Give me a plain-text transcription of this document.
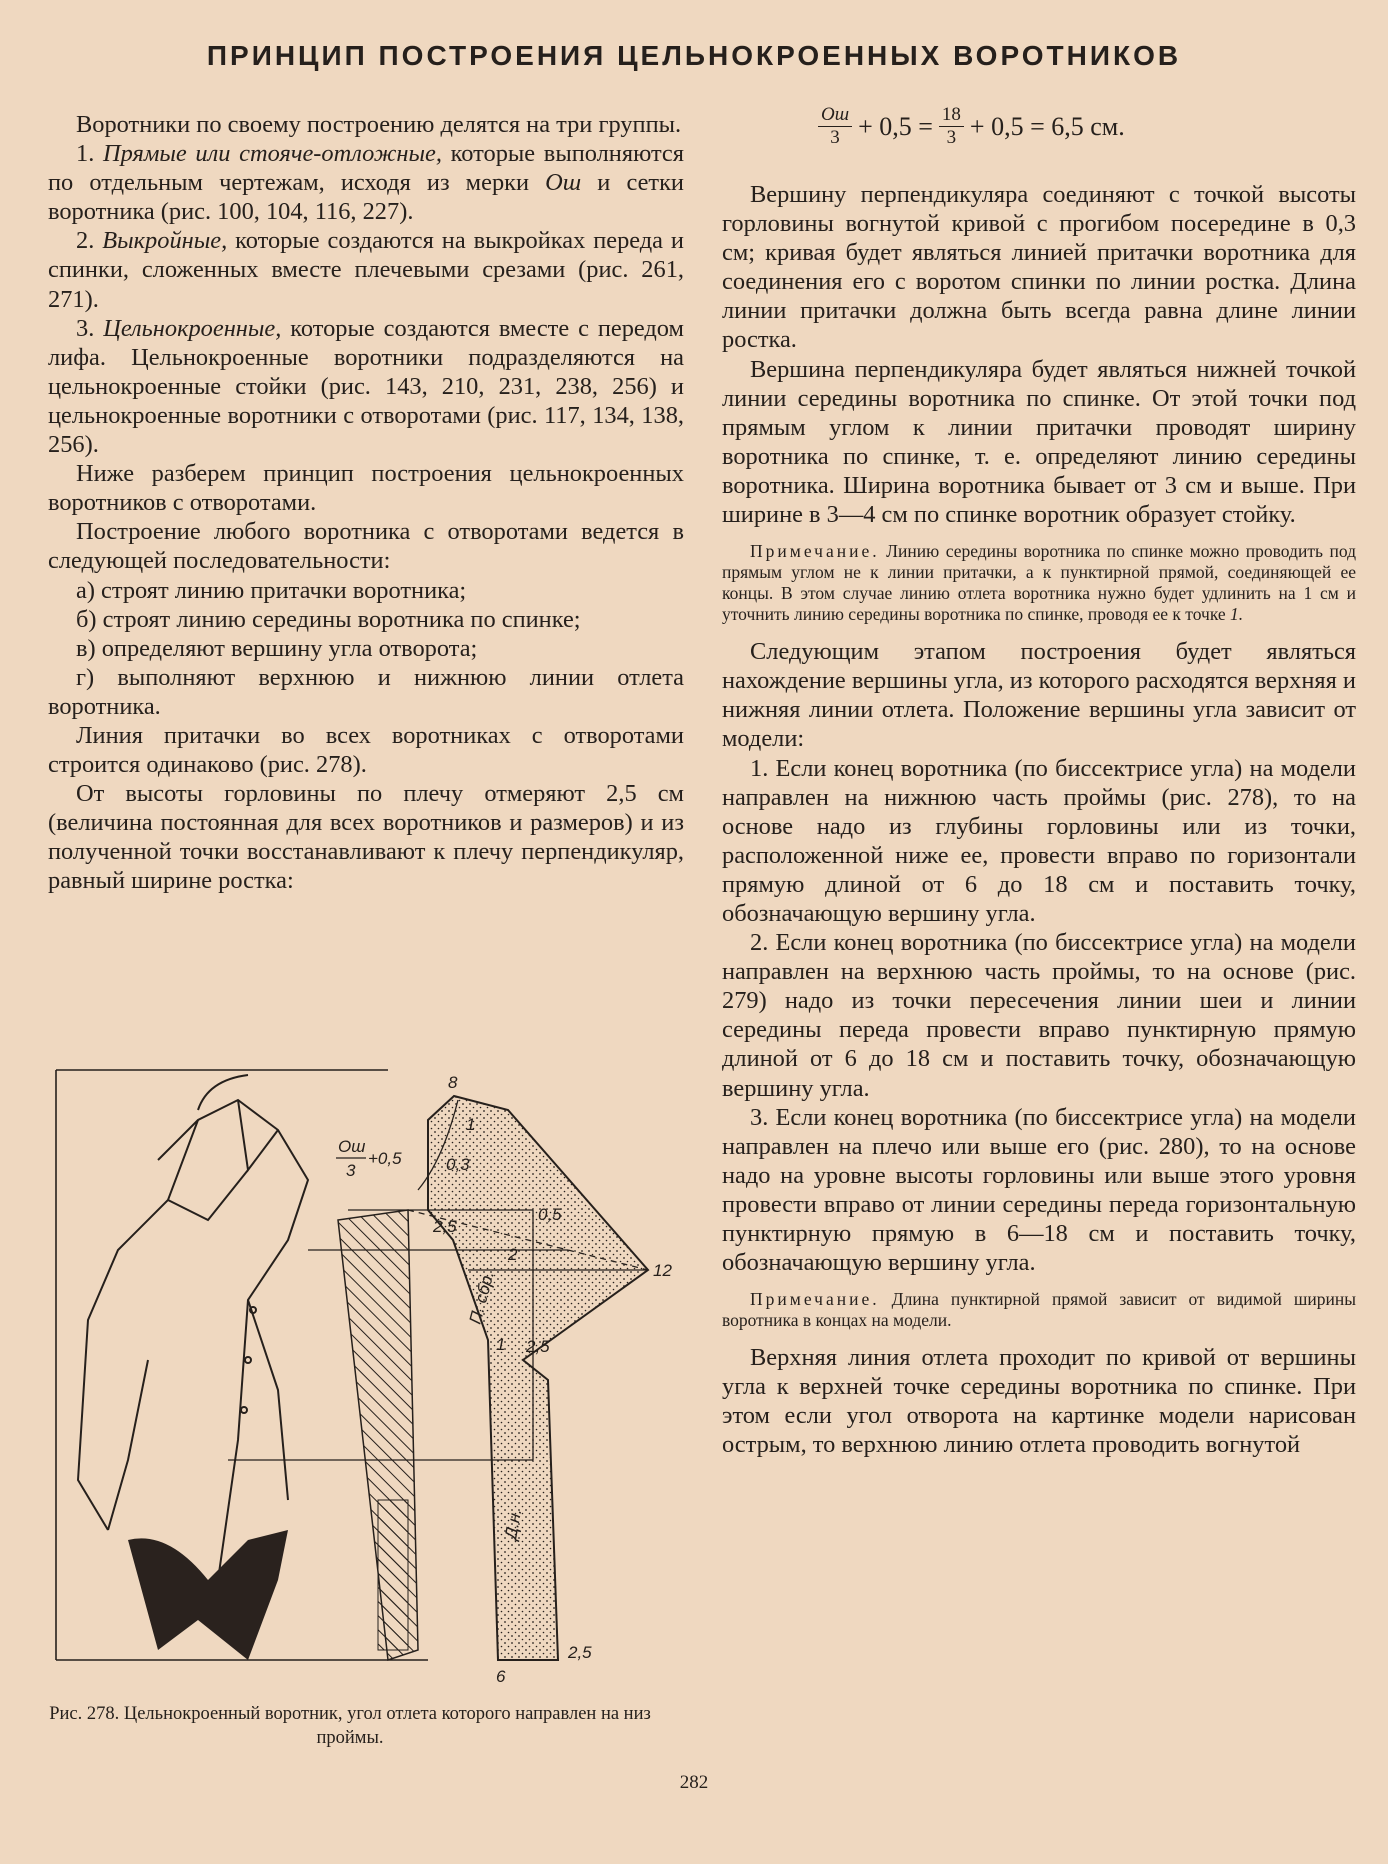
ПРИНЦИП ПОСТРОЕНИЯ ЦЕЛЬНОКРОЕННЫХ ВОРОТНИКОВ
$\frac{Ош}{3} + 0,5 = \frac{18}{3} + 0,5 = 6,5$ см.

Воротники по своему построению делятся на три группы.

1. Прямые или стояче-отложные, которые выполняются по отдельным чертежам, исходя из мерки Ош и сетки воротника (рис. 100, 104, 116, 227).

2. Выкройные, которые создаются на выкройках переда и спинки, сложенных вместе плечевыми срезами (рис. 261, 271).

3. Цельнокроенные, которые создаются вместе с передом лифа. Цельнокроенные воротники подразделяются на цельнокроенные стойки (рис. 143, 210, 231, 238, 256) и цельнокроенные воротники с отворотами (рис. 117, 134, 138, 256).

Ниже разберем принцип построения цельнокроенных воротников с отворотами.

Построение любого воротника с отворотами ведется в следующей последовательности:

а) строят линию притачки воротника;

б) строят линию середины воротника по спинке;

в) определяют вершину угла отворота;

г) выполняют верхнюю и нижнюю линии отлета воротника.

Линия притачки во всех воротниках с отворотами строится одинаково (рис. 278).

От высоты горловины по плечу отмеряют 2,5 см (величина постоянная для всех воротников и размеров) и из полученной точки восстанавливают к плечу перпендикуляр, равный ширине ростка:

Вершину перпендикуляра соединяют с точкой высоты горловины вогнутой кривой с прогибом посередине в 0,3 см; кривая будет являться линией притачки воротника для соединения его с воротом спинки по линии ростка. Длина линии притачки должна быть всегда равна длине линии ростка.

Вершина перпендикуляра будет являться нижней точкой линии середины воротника по спинке. От этой точки под прямым углом к линии притачки проводят ширину воротника по спинке, т. е. определяют линию середины воротника. Ширина воротника бывает от 3 см и выше. При ширине в 3—4 см по спинке воротник образует стойку.

Примечание. Линию середины воротника по спинке можно проводить под прямым углом не к линии притачки, а к пунктирной прямой, соединяющей ее концы. В этом случае линию отлета воротника нужно будет удлинить на 1 см и уточнить линию середины воротника по спинке, проводя ее к точке 1.

Следующим этапом построения будет являться нахождение вершины угла, из которого расходятся верхняя и нижняя линии отлета. Положение вершины угла зависит от модели:

1. Если конец воротника (по биссектрисе угла) на модели направлен на нижнюю часть проймы (рис. 278), то на основе надо из глубины горловины или из точки, расположенной ниже ее, провести вправо по горизонтали прямую длиной от 6 до 18 см и поставить точку, обозначающую вершину угла.

2. Если конец воротника (по биссектрисе угла) на модели направлен на верхнюю часть проймы, то на основе (рис. 279) надо из точки пересечения линии шеи и линии середины переда провести вправо пунктирную прямую длиной от 6 до 18 см и поставить точку, обозначающую вершину угла.

3. Если конец воротника (по биссектрисе угла) на модели направлен на плечо или выше его (рис. 280), то на основе надо на уровне высоты горловины или выше этого уровня провести вправо от линии середины переда горизонтальную пунктирную прямую в 6—18 см и поставить точку, обозначающую вершину угла.

Примечание. Длина пунктирной прямой зависит от видимой ширины воротника в концах на модели.

Верхняя линия отлета проходит по кривой от вершины угла к верхней точке середины воротника по спинке. При этом если угол отворота на картинке модели нарисован острым, то верхнюю линию отлета проводить вогнутой

8
1
0,3
0,5
2,5
2
12
2,5
1
2,5
6
Д.н.
П. сбр.
Ош
3
+0,5
Рис. 278. Цельнокроенный воротник, угол отлета которого направлен на низ проймы.
282
